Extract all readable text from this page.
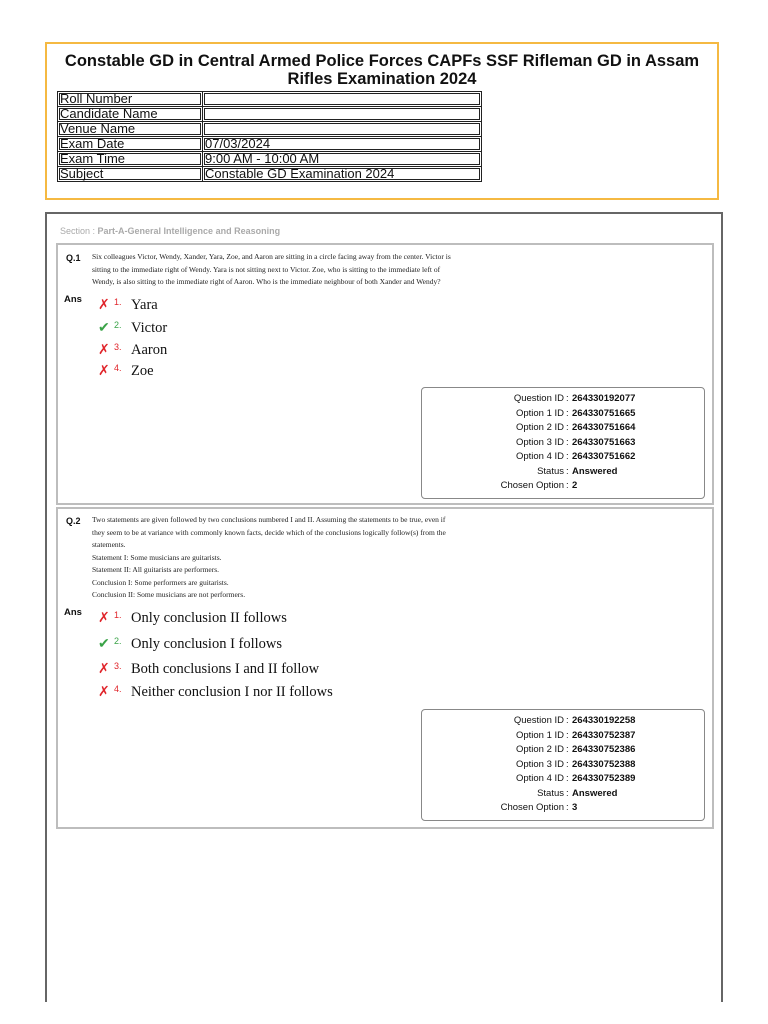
Constable GD in Central Armed Police Forces CAPFs SSF Rifleman GD in Assam
Rifles Examination 2024
Roll Number	
Candidate Name	
Venue Name	
Exam Date	07/03/2024
Exam Time	9:00 AM - 10:00 AM
Subject	Constable GD Examination 2024
Section : Part-A-General Intelligence and Reasoning
Q.1 Six colleagues Victor, Wendy, Xander, Yara, Zoe, and Aaron are sitting in a circle facing away from the center. Victor is
sitting to the immediate right of Wendy. Yara is not sitting next to Victor. Zoe, who is sitting to the immediate left of
Wendy, is also sitting to the immediate right of Aaron. Who is the immediate neighbour of both Xander and Wendy?
Ans ✗ 1. Yara
✔ 2. Victor
✗ 3. Aaron
✗ 4. Zoe
Question ID : 264330192077
Option 1 ID : 264330751665
Option 2 ID : 264330751664
Option 3 ID : 264330751663
Option 4 ID : 264330751662
Status : Answered
Chosen Option : 2
Q.2 Two statements are given followed by two conclusions numbered I and II. Assuming the statements to be true, even if
they seem to be at variance with commonly known facts, decide which of the conclusions logically follow(s) from the
statements.
Statement I: Some musicians are guitarists.
Statement II: All guitarists are performers.
Conclusion I: Some performers are guitarists.
Conclusion II: Some musicians are not performers.
Ans ✗ 1. Only conclusion II follows
✔ 2. Only conclusion I follows
✗ 3. Both conclusions I and II follow
✗ 4. Neither conclusion I nor II follows
Question ID : 264330192258
Option 1 ID : 264330752387
Option 2 ID : 264330752386
Option 3 ID : 264330752388
Option 4 ID : 264330752389
Status : Answered
Chosen Option : 3
